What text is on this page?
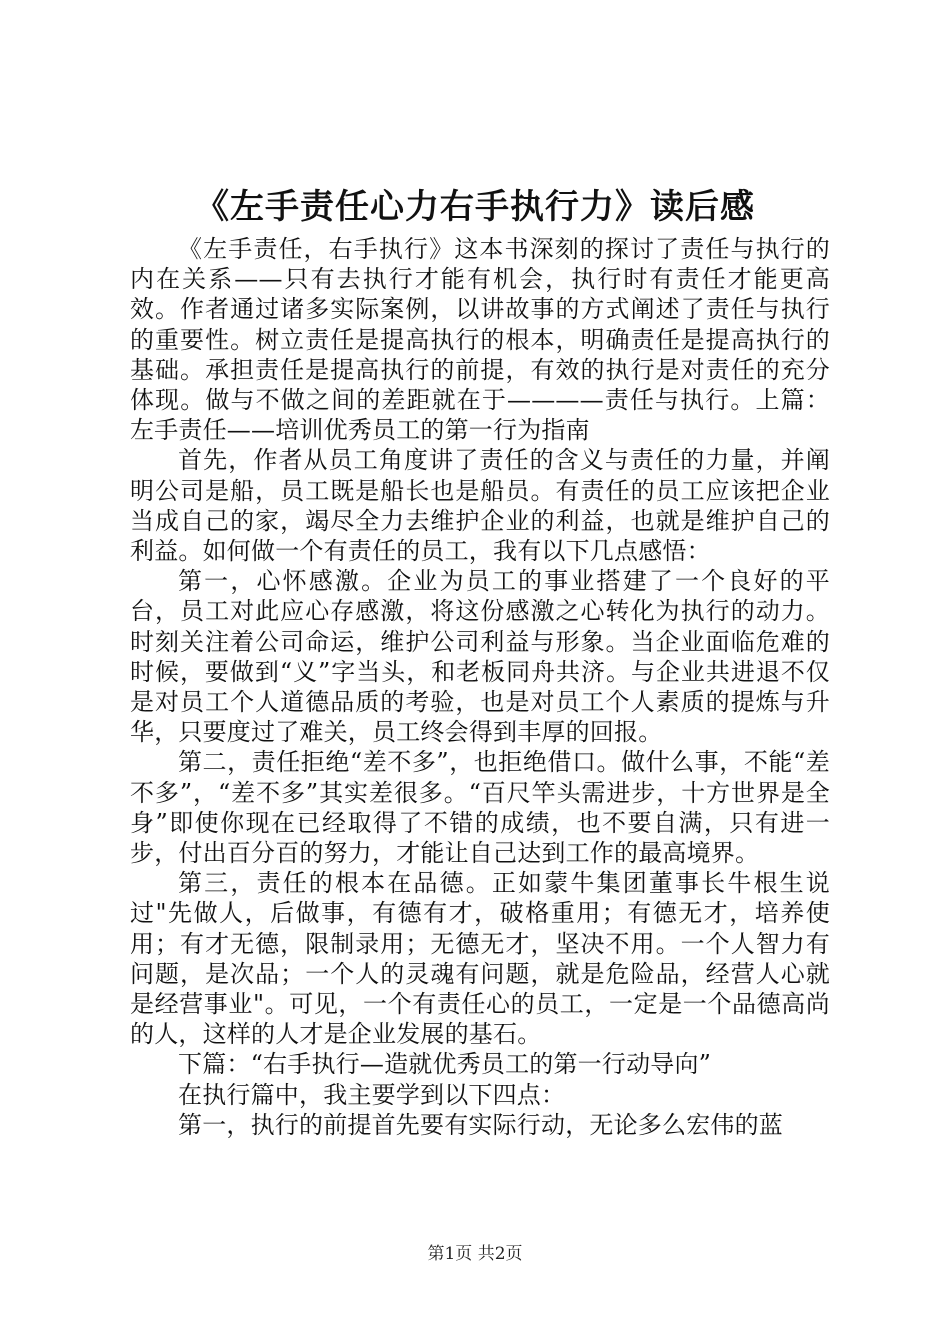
《左手责任心力右手执行力》读后感

《左手责任，右手执行》这本书深刻的探讨了责任与执行的内在关系——只有去执行才能有机会，执行时有责任才能更高效。作者通过诸多实际案例，以讲故事的方式阐述了责任与执行的重要性。树立责任是提高执行的根本，明确责任是提高执行的基础。承担责任是提高执行的前提，有效的执行是对责任的充分体现。做与不做之间的差距就在于————责任与执行。上篇：左手责任——培训优秀员工的第一行为指南

首先，作者从员工角度讲了责任的含义与责任的力量，并阐明公司是船，员工既是船长也是船员。有责任的员工应该把企业当成自己的家，竭尽全力去维护企业的利益，也就是维护自己的利益。如何做一个有责任的员工，我有以下几点感悟：

第一，心怀感激。企业为员工的事业搭建了一个良好的平台，员工对此应心存感激，将这份感激之心转化为执行的动力。时刻关注着公司命运，维护公司利益与形象。当企业面临危难的时候，要做到“义”字当头，和老板同舟共济。与企业共进退不仅是对员工个人道德品质的考验，也是对员工个人素质的提炼与升华，只要度过了难关，员工终会得到丰厚的回报。

第二，责任拒绝“差不多”，也拒绝借口。做什么事，不能“差不多”，“差不多”其实差很多。“百尺竿头需进步，十方世界是全身”即使你现在已经取得了不错的成绩，也不要自满，只有进一步，付出百分百的努力，才能让自己达到工作的最高境界。

第三，责任的根本在品德。正如蒙牛集团董事长牛根生说过"先做人，后做事，有德有才，破格重用；有德无才，培养使用；有才无德，限制录用；无德无才，坚决不用。一个人智力有问题，是次品；一个人的灵魂有问题，就是危险品，经营人心就是经营事业"。可见，一个有责任心的员工，一定是一个品德高尚的人，这样的人才是企业发展的基石。

下篇：“右手执行—造就优秀员工的第一行动导向”

在执行篇中，我主要学到以下四点：

第一，执行的前提首先要有实际行动，无论多么宏伟的蓝

第1页 共2页
